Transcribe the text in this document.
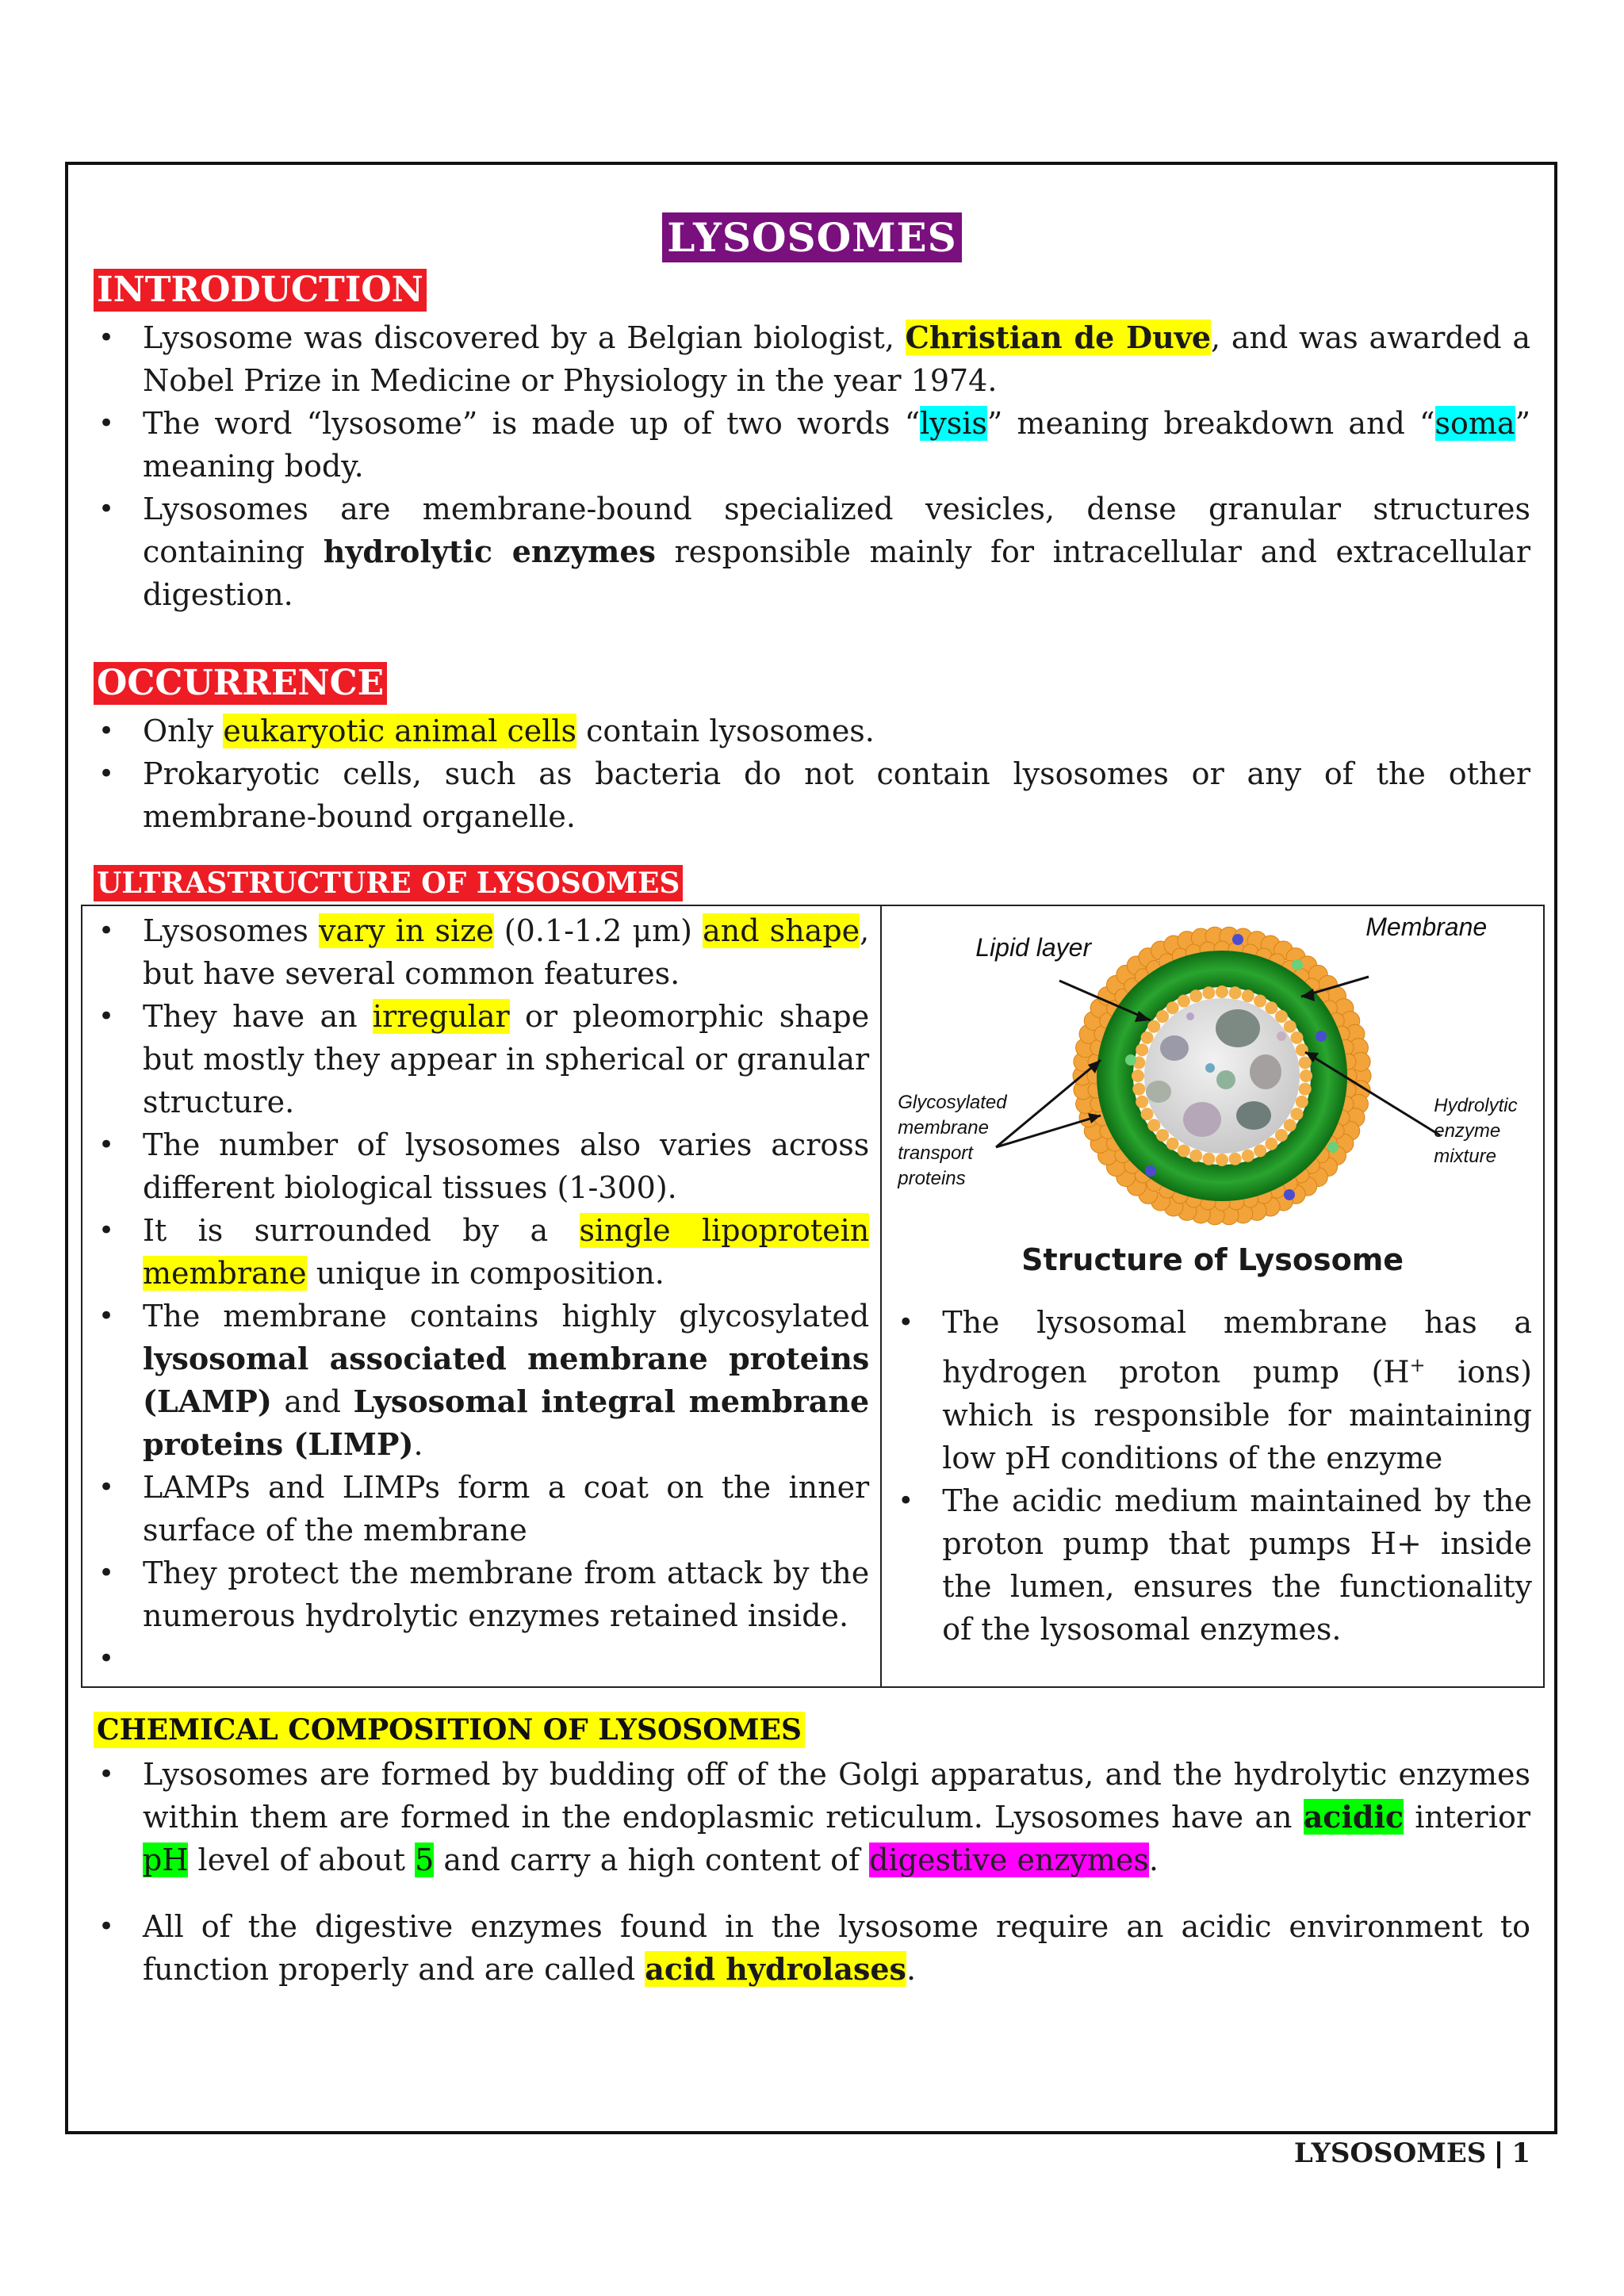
LYSOSOMES
INTRODUCTION
• Lysosome was discovered by a Belgian biologist, Christian de Duve, and was awarded a Nobel Prize in Medicine or Physiology in the year 1974.
• The word “lysosome” is made up of two words “lysis” meaning breakdown and “soma” meaning body.
• Lysosomes are membrane-bound specialized vesicles, dense granular structures containing hydrolytic enzymes responsible mainly for intracellular and extracellular digestion.
OCCURRENCE
• Only eukaryotic animal cells contain lysosomes.
• Prokaryotic cells, such as bacteria do not contain lysosomes or any of the other membrane-bound organelle.
ULTRASTRUCTURE OF LYSOSOMES
• Lysosomes vary in size (0.1-1.2 μm) and shape, but have several common features.
• They have an irregular or pleomorphic shape but mostly they appear in spherical or granular structure.
• The number of lysosomes also varies across different biological tissues (1-300).
• It is surrounded by a single lipoprotein membrane unique in composition.
• The membrane contains highly glycosylated lysosomal associated membrane proteins (LAMP) and Lysosomal integral membrane proteins (LIMP).
• LAMPs and LIMPs form a coat on the inner surface of the membrane
• They protect the membrane from attack by the numerous hydrolytic enzymes retained inside.
•

Lipid layer
Membrane
Glycosylated
membrane
transport
proteins
Hydrolytic
enzyme
mixture
Structure of Lysosome
• The lysosomal membrane has a hydrogen proton pump (H+ ions) which is responsible for maintaining low pH conditions of the enzyme
• The acidic medium maintained by the proton pump that pumps H+ inside the lumen, ensures the functionality of the lysosomal enzymes.
CHEMICAL COMPOSITION OF LYSOSOMES
• Lysosomes are formed by budding off of the Golgi apparatus, and the hydrolytic enzymes within them are formed in the endoplasmic reticulum. Lysosomes have an acidic interior pH level of about 5 and carry a high content of digestive enzymes.
• All of the digestive enzymes found in the lysosome require an acidic environment to function properly and are called acid hydrolases.
LYSOSOMES 1
